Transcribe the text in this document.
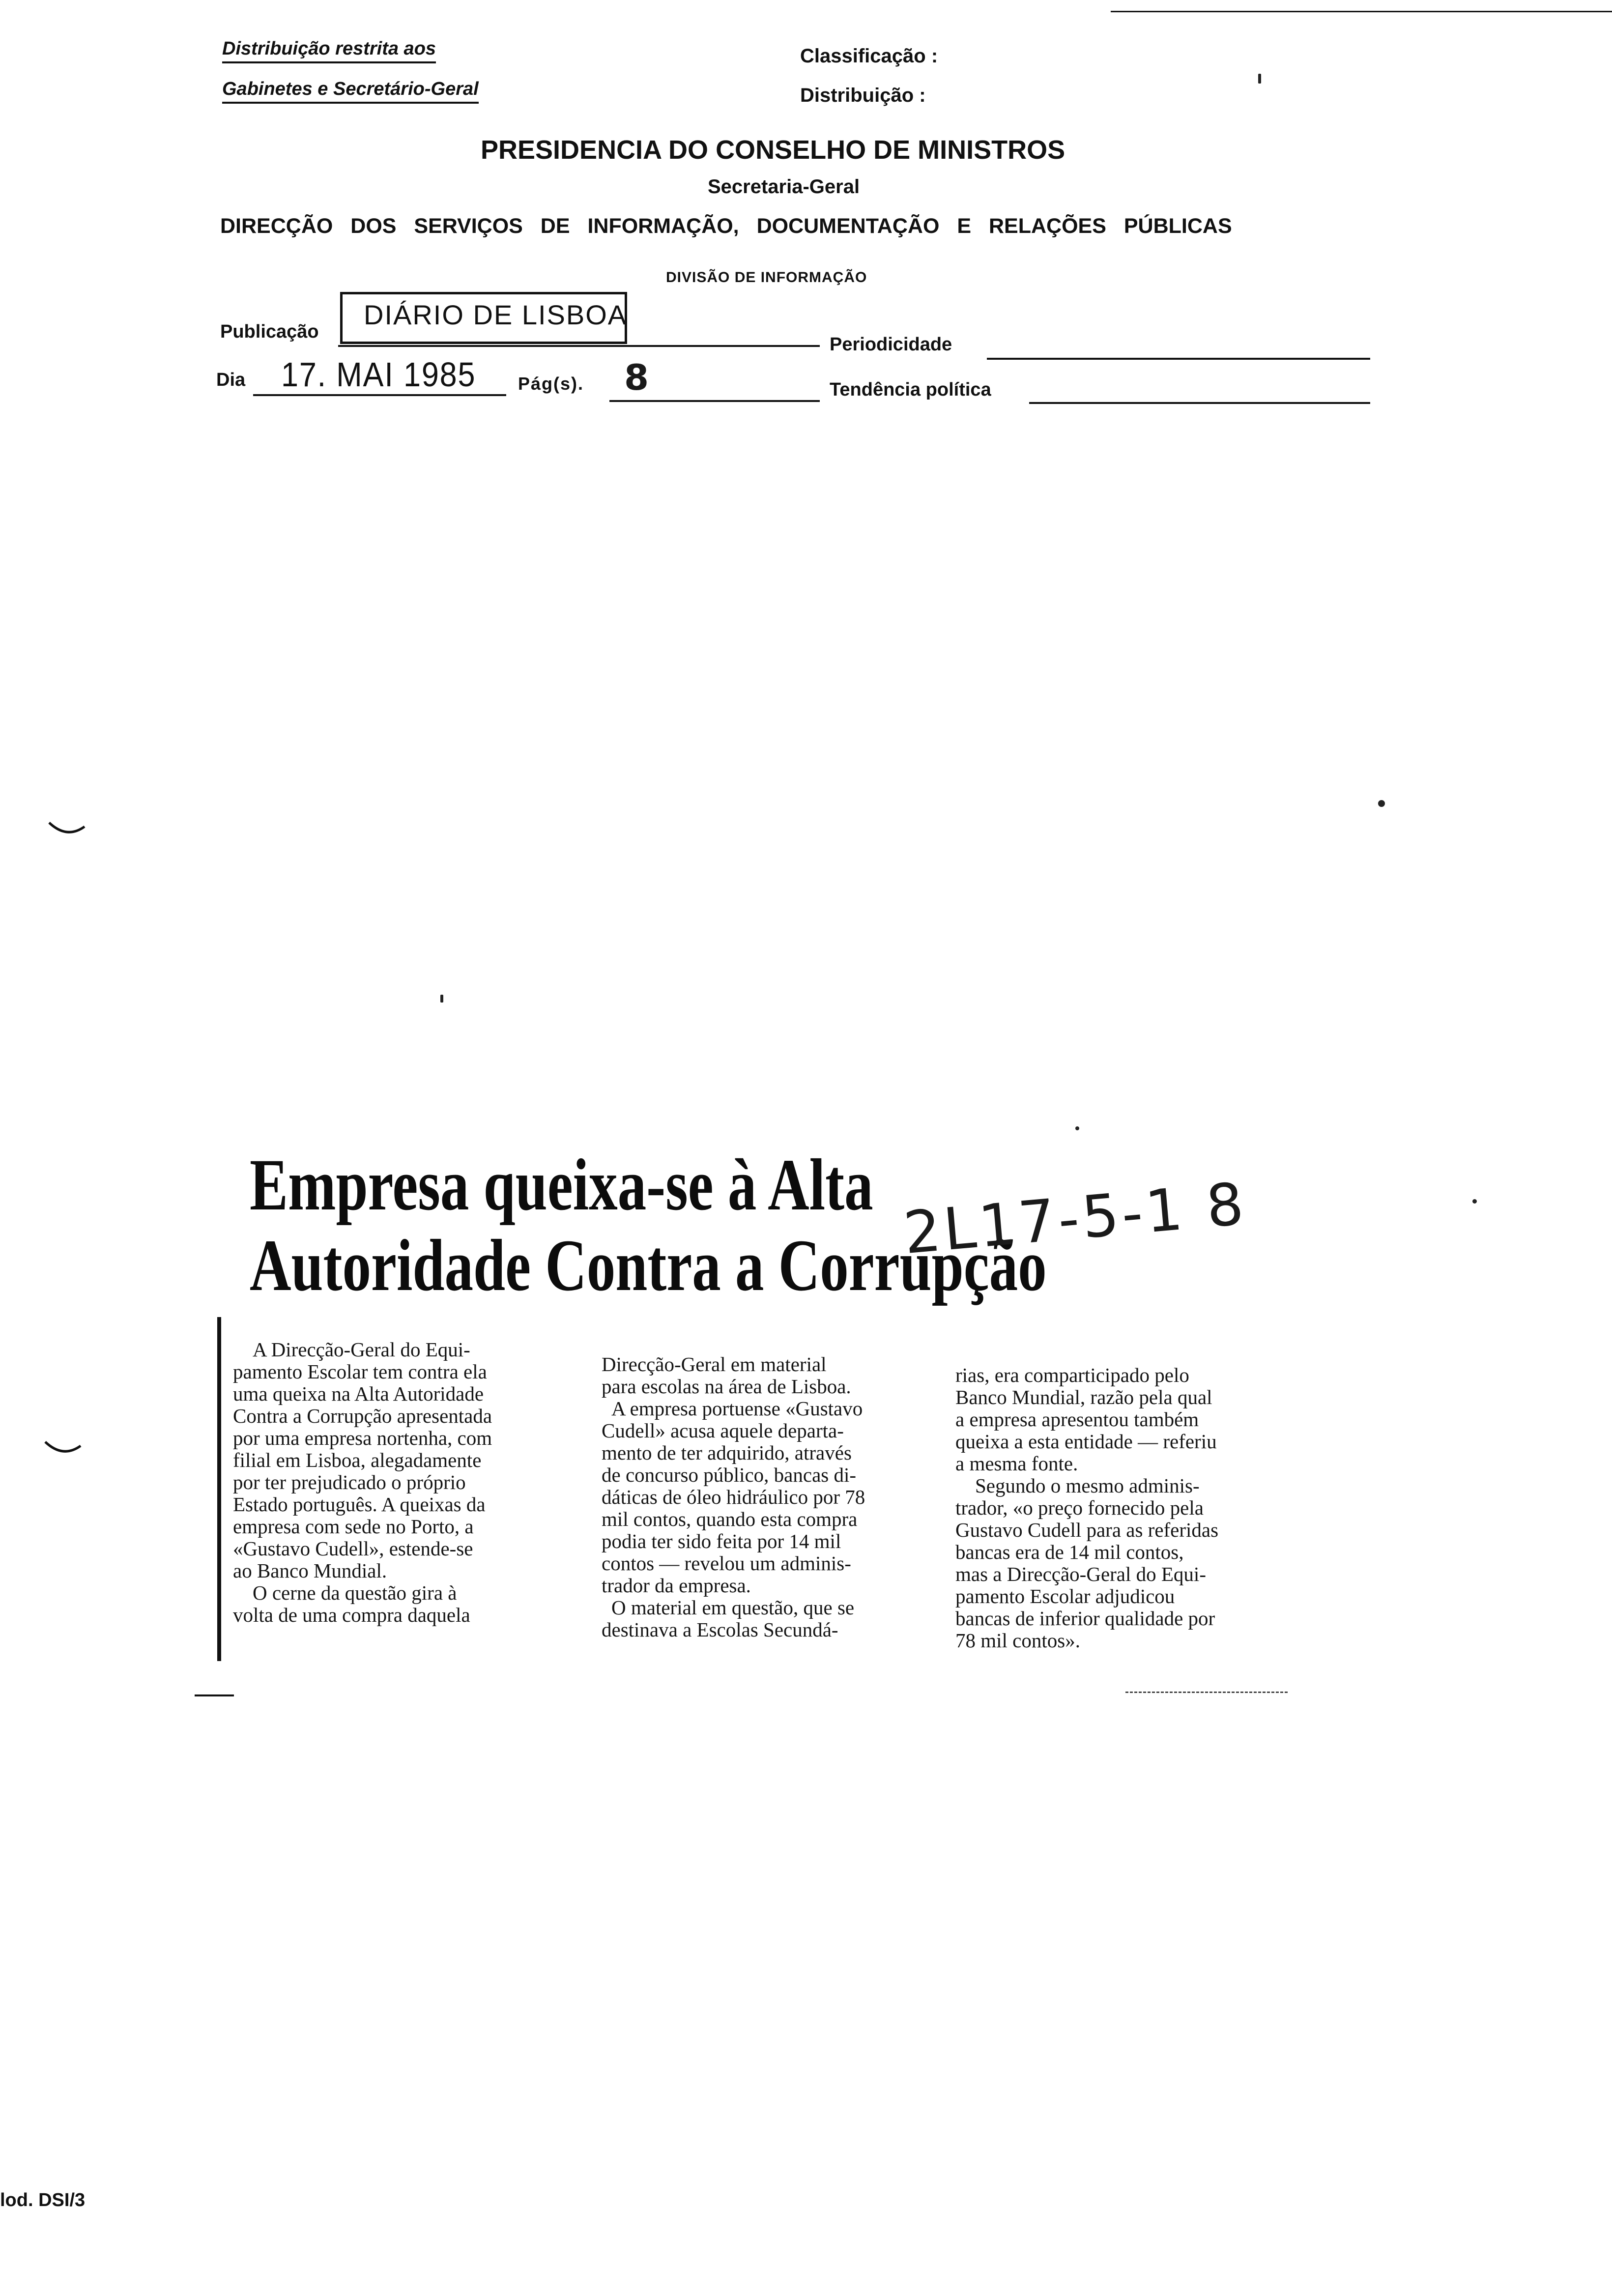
Distribuição restrita aos
Gabinetes e Secretário-Geral
Classificação :
Distribuição :
PRESIDENCIA DO CONSELHO DE MINISTROS
Secretaria-Geral
DIRECÇÃO DOS SERVIÇOS DE INFORMAÇÃO, DOCUMENTAÇÃO E RELAÇÕES PÚBLICAS
DIVISÃO DE INFORMAÇÃO
Publicação
DIÁRIO DE LISBOA
Periodicidade
Dia 17. MAI 1985 Pág(s). 8	Tendência política
Empresa queixa-se à Alta
Autoridade Contra a Corrupção
2L17-5-1 8
A Direcção-Geral do Equi-
pamento Escolar tem contra ela
uma queixa na Alta Autoridade
Contra a Corrupção apresentada
por uma empresa nortenha, com
filial em Lisboa, alegadamente
por ter prejudicado o próprio
Estado português. A queixas da
empresa com sede no Porto, a
«Gustavo Cudell», estende-se
ao Banco Mundial.
O cerne da questão gira à
volta de uma compra daquela
Direcção-Geral em material
para escolas na área de Lisboa.
A empresa portuense «Gustavo
Cudell» acusa aquele departa-
mento de ter adquirido, através
de concurso público, bancas di-
dáticas de óleo hidráulico por 78
mil contos, quando esta compra
podia ter sido feita por 14 mil
contos — revelou um adminis-
trador da empresa.
O material em questão, que se
destinava a Escolas Secundá-
rias, era comparticipado pelo
Banco Mundial, razão pela qual
a empresa apresentou também
queixa a esta entidade — referiu
a mesma fonte.
Segundo o mesmo adminis-
trador, «o preço fornecido pela
Gustavo Cudell para as referidas
bancas era de 14 mil contos,
mas a Direcção-Geral do Equi-
pamento Escolar adjudicou
bancas de inferior qualidade por
78 mil contos».
lod. DSI/3
